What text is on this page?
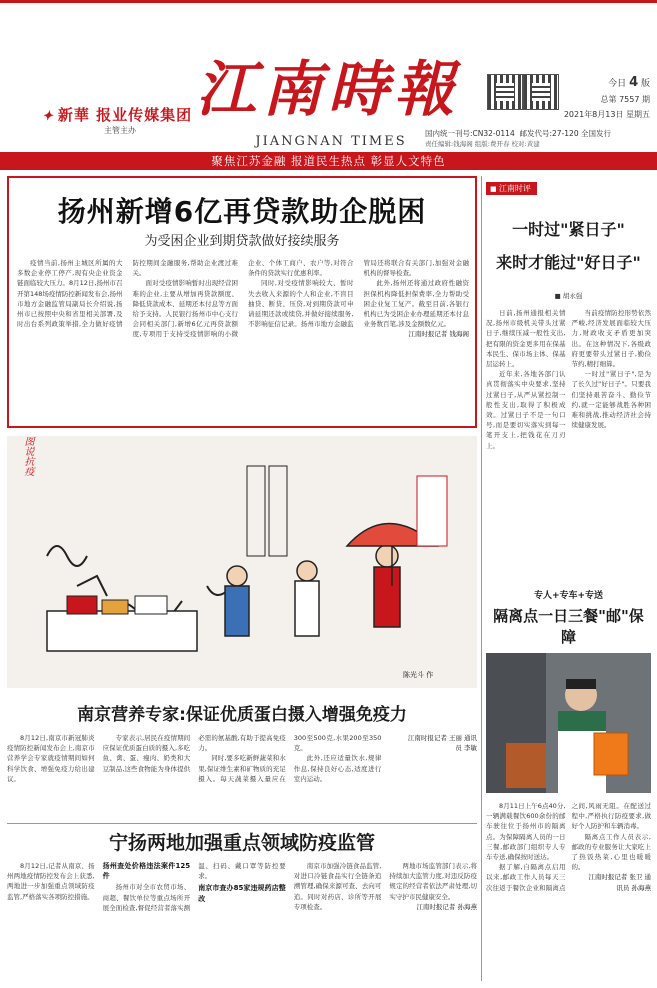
✦ 新華 报业传媒集团
主管主办
江南時報
JIANGNAN TIMES
今日 4 版
总第 7557 期
2021年8月13日 星期五
国内统一刊号:CN32-0114 邮发代号:27-120 全国发行
责任编辑:钱海阁 组版:费开春 校对:黄建
聚焦江苏金融 报道民生热点 彰显人文特色
扬州新增6亿再贷款助企脱困
为受困企业到期贷款做好接续服务

疫情当前,扬州主城区所属的大多数企业停工停产,现有央企业资金链面临较大压力。8月12日,扬州市召开第148场疫情防控新闻发布会,扬州市地方金融监管局副局长介绍说,扬州市已按照中央和省里相关部署,及时出台系列政策举措,全力做好疫情防控期间金融服务,帮助企业渡过难关。

面对受疫情影响暂时出现经营困难的企业,主要从增加再贷款额度、降低贷款成本、延期还本付息等方面给予支持。人民银行扬州市中心支行会同相关部门,新增6亿元再贷款额度,专项用于支持受疫情影响的小微企业、个体工商户、农户等,对符合条件的贷款实行优惠利率。

同时,对受疫情影响较大、暂时失去收入来源的个人和企业,不盲目抽贷、断贷、压贷,对到期贷款可申请延期还款或续贷,并做好接续服务,不影响征信记录。扬州市地方金融监管局还将联合有关部门,加强对金融机构的督导检查。

此外,扬州还将通过政府性融资担保机构降低担保费率,全力帮助受困企业复工复产。截至目前,各银行机构已为受困企业办理延期还本付息业务数百笔,涉及金额数亿元。

江南时报记者 钱海阁

■ 江南时评
一时过"紧日子"
来时才能过"好日子"
■ 胡永强

日前,扬州通报相关情况,扬州市级机关带头过紧日子,继续压减一般性支出,把有限的资金更多用在保基本民生、保市场主体、保基层运转上。

近年来,各地各部门认真贯彻落实中央要求,坚持过紧日子,从严从紧控制一般性支出,取得了积极成效。过紧日子不是一句口号,而是要切实落实到每一笔开支上,把钱花在刀刃上。

当前疫情防控形势依然严峻,经济发展面临较大压力,财政收支矛盾更加突出。在这种情况下,各级政府更要带头过紧日子,勤俭节约,精打细算。

一时过"紧日子",是为了长久过"好日子"。只要我们坚持艰苦奋斗、勤俭节约,就一定能够战胜各种困难和挑战,推动经济社会持续健康发展。

图说抗疫
陈光斗 作
专人+专车+专送
隔离点一日三餐"邮"保障

8月11日上午6点40分,一辆满载餐饮600余份的邮车驶往位于扬州市的隔离点。为保障隔离人员的一日三餐,邮政部门组织专人专车专送,确保按时送达。

据了解,自隔离点启用以来,邮政工作人员每天三次往返于餐饮企业和隔离点之间,风雨无阻。在配送过程中,严格执行防疫要求,做好个人防护和车辆消毒。

隔离点工作人员表示,邮政的专业服务让大家吃上了热饭热菜,心里也暖暖的。

江南时报记者 张卫 通讯员 孙海燕

南京营养专家:保证优质蛋白摄入增强免疫力

8月12日,南京市新冠肺炎疫情防控新闻发布会上,南京市营养学会专家就疫情期间如何科学饮食、增强免疫力给出建议。

专家表示,居民在疫情期间应保证优质蛋白质的摄入,多吃鱼、禽、蛋、瘦肉、奶类和大豆制品,这些食物能为身体提供必需的氨基酸,有助于提高免疫力。

同时,要多吃新鲜蔬菜和水果,保证维生素和矿物质的充足摄入。每天蔬菜摄入量应在300至500克,水果200至350克。

此外,还应适量饮水,规律作息,保持良好心态,适度进行室内运动。

江南时报记者 王丽 通讯员 李敏

宁扬两地加强重点领域防疫监管

8月12日,记者从南京、扬州两地疫情防控发布会上获悉,两地进一步加强重点领域防疫监管,严格落实各项防控措施。

扬州查处价格违法案件125件

扬州市对全市农贸市场、商超、餐饮单位等重点场所开展全面检查,督促经营者落实测温、扫码、戴口罩等防控要求。

南京市查办85家违规药店整改

南京市加强冷链食品监管,对进口冷链食品实行全链条追溯管理,确保来源可查、去向可追。同时对药店、诊所等开展专项检查。

两地市场监管部门表示,将持续加大监管力度,对违反防疫规定的经营者依法严肃处理,切实守护市民健康安全。

江南时报记者 孙海燕
